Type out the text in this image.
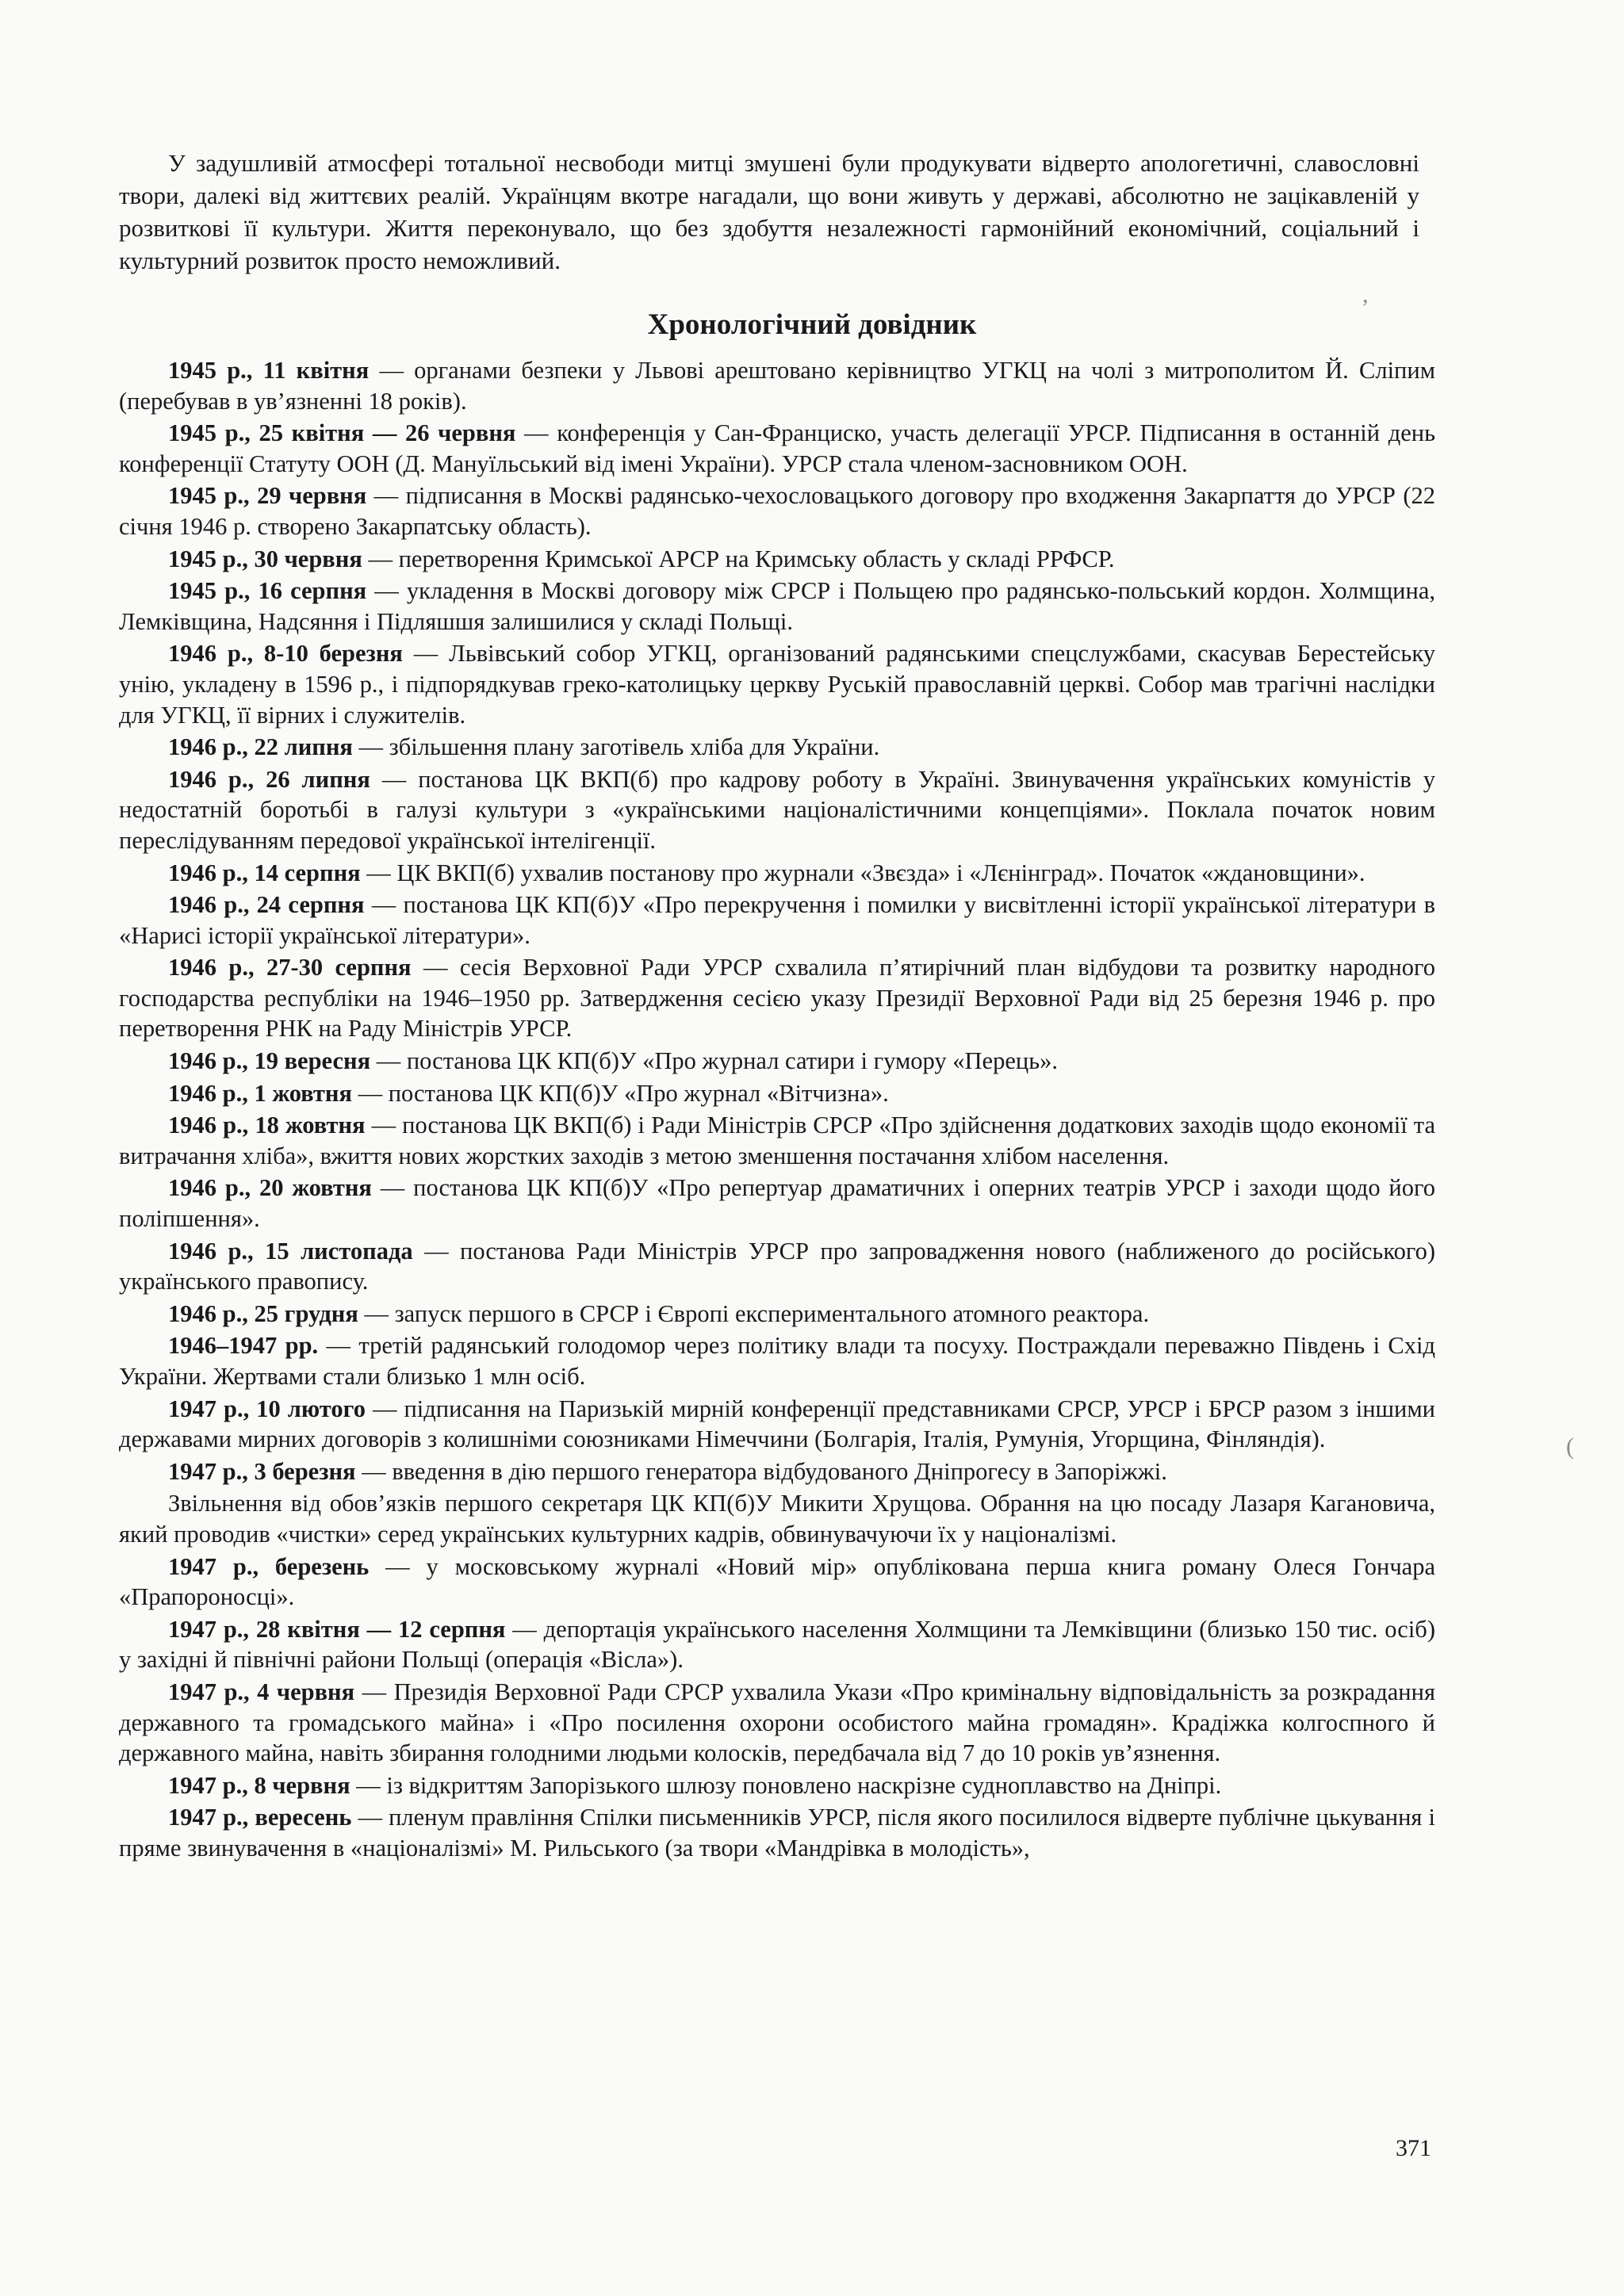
У задушливій атмосфері тотальної несвободи митці змушені були продукувати відверто апологетичні, славословні твори, далекі від життєвих реалій. Українцям вкотре нагадали, що вони живуть у державі, абсолютно не зацікавленій у розвиткові її культури. Життя переконувало, що без здобуття незалежності гармонійний економічний, соціальний і культурний розвиток просто неможливий.

Хронологічний довідник

1945 р., 11 квітня — органами безпеки у Львові арештовано керівництво УГКЦ на чолі з митрополитом Й. Сліпим (перебував в ув’язненні 18 років).

1945 р., 25 квітня — 26 червня — конференція у Сан-Франциско, участь делегації УРСР. Підписання в останній день конференції Статуту ООН (Д. Мануїльський від імені України). УРСР стала членом-засновником ООН.

1945 р., 29 червня — підписання в Москві радянсько-чехословацького договору про входження Закарпаття до УРСР (22 січня 1946 р. створено Закарпатську область).

1945 р., 30 червня — перетворення Кримської АРСР на Кримську область у складі РРФСР.

1945 р., 16 серпня — укладення в Москві договору між СРСР і Польщею про радянсько-польський кордон. Холмщина, Лемківщина, Надсяння і Підляшшя залишилися у складі Польщі.

1946 р., 8-10 березня — Львівський собор УГКЦ, організований радянськими спецслужбами, скасував Берестейську унію, укладену в 1596 р., і підпорядкував греко-католицьку церкву Руській православній церкві. Собор мав трагічні наслідки для УГКЦ, її вірних і служителів.

1946 р., 22 липня — збільшення плану заготівель хліба для України.

1946 р., 26 липня — постанова ЦК ВКП(б) про кадрову роботу в Україні. Звинувачення українських комуністів у недостатній боротьбі в галузі культури з «українськими націоналістичними концепціями». Поклала початок новим переслідуванням передової української інтелігенції.

1946 р., 14 серпня — ЦК ВКП(б) ухвалив постанову про журнали «Звєзда» і «Лєнінград». Початок «ждановщини».

1946 р., 24 серпня — постанова ЦК КП(б)У «Про перекручення і помилки у висвітленні історії української літератури в «Нарисі історії української літератури».

1946 р., 27-30 серпня — сесія Верховної Ради УРСР схвалила п’ятирічний план відбудови та розвитку народного господарства республіки на 1946–1950 рр. Затвердження сесією указу Президії Верховної Ради від 25 березня 1946 р. про перетворення РНК на Раду Міністрів УРСР.

1946 р., 19 вересня — постанова ЦК КП(б)У «Про журнал сатири і гумору «Перець».

1946 р., 1 жовтня — постанова ЦК КП(б)У «Про журнал «Вітчизна».

1946 р., 18 жовтня — постанова ЦК ВКП(б) і Ради Міністрів СРСР «Про здійснення додаткових заходів щодо економії та витрачання хліба», вжиття нових жорстких заходів з метою зменшення постачання хлібом населення.

1946 р., 20 жовтня — постанова ЦК КП(б)У «Про репертуар драматичних і оперних театрів УРСР і заходи щодо його поліпшення».

1946 р., 15 листопада — постанова Ради Міністрів УРСР про запровадження нового (наближеного до російського) українського правопису.

1946 р., 25 грудня — запуск першого в СРСР і Європі експериментального атомного реактора.

1946–1947 рр. — третій радянський голодомор через політику влади та посуху. Постраждали переважно Південь і Схід України. Жертвами стали близько 1 млн осіб.

1947 р., 10 лютого — підписання на Паризькій мирній конференції представниками СРСР, УРСР і БРСР разом з іншими державами мирних договорів з колишніми союзниками Німеччини (Болгарія, Італія, Румунія, Угорщина, Фінляндія).

1947 р., 3 березня — введення в дію першого генератора відбудованого Дніпрогесу в Запоріжжі.

Звільнення від обов’язків першого секретаря ЦК КП(б)У Микити Хрущова. Обрання на цю посаду Лазаря Кагановича, який проводив «чистки» серед українських культурних кадрів, обвинувачуючи їх у націоналізмі.

1947 р., березень — у московському журналі «Новий мір» опублікована перша книга роману Олеся Гончара «Прапороносці».

1947 р., 28 квітня — 12 серпня — депортація українського населення Холмщини та Лемківщини (близько 150 тис. осіб) у західні й північні райони Польщі (операція «Вісла»).

1947 р., 4 червня — Президія Верховної Ради СРСР ухвалила Укази «Про кримінальну відповідальність за розкрадання державного та громадського майна» і «Про посилення охорони особистого майна громадян». Крадіжка колгоспного й державного майна, навіть збирання голодними людьми колосків, передбачала від 7 до 10 років ув’язнення.

1947 р., 8 червня — із відкриттям Запорізького шлюзу поновлено наскрізне судноплавство на Дніпрі.

1947 р., вересень — пленум правління Спілки письменників УРСР, після якого посилилося відверте публічне цькування і пряме звинувачення в «націоналізмі» М. Рильського (за твори «Мандрівка в молодість»,

371
,
(
